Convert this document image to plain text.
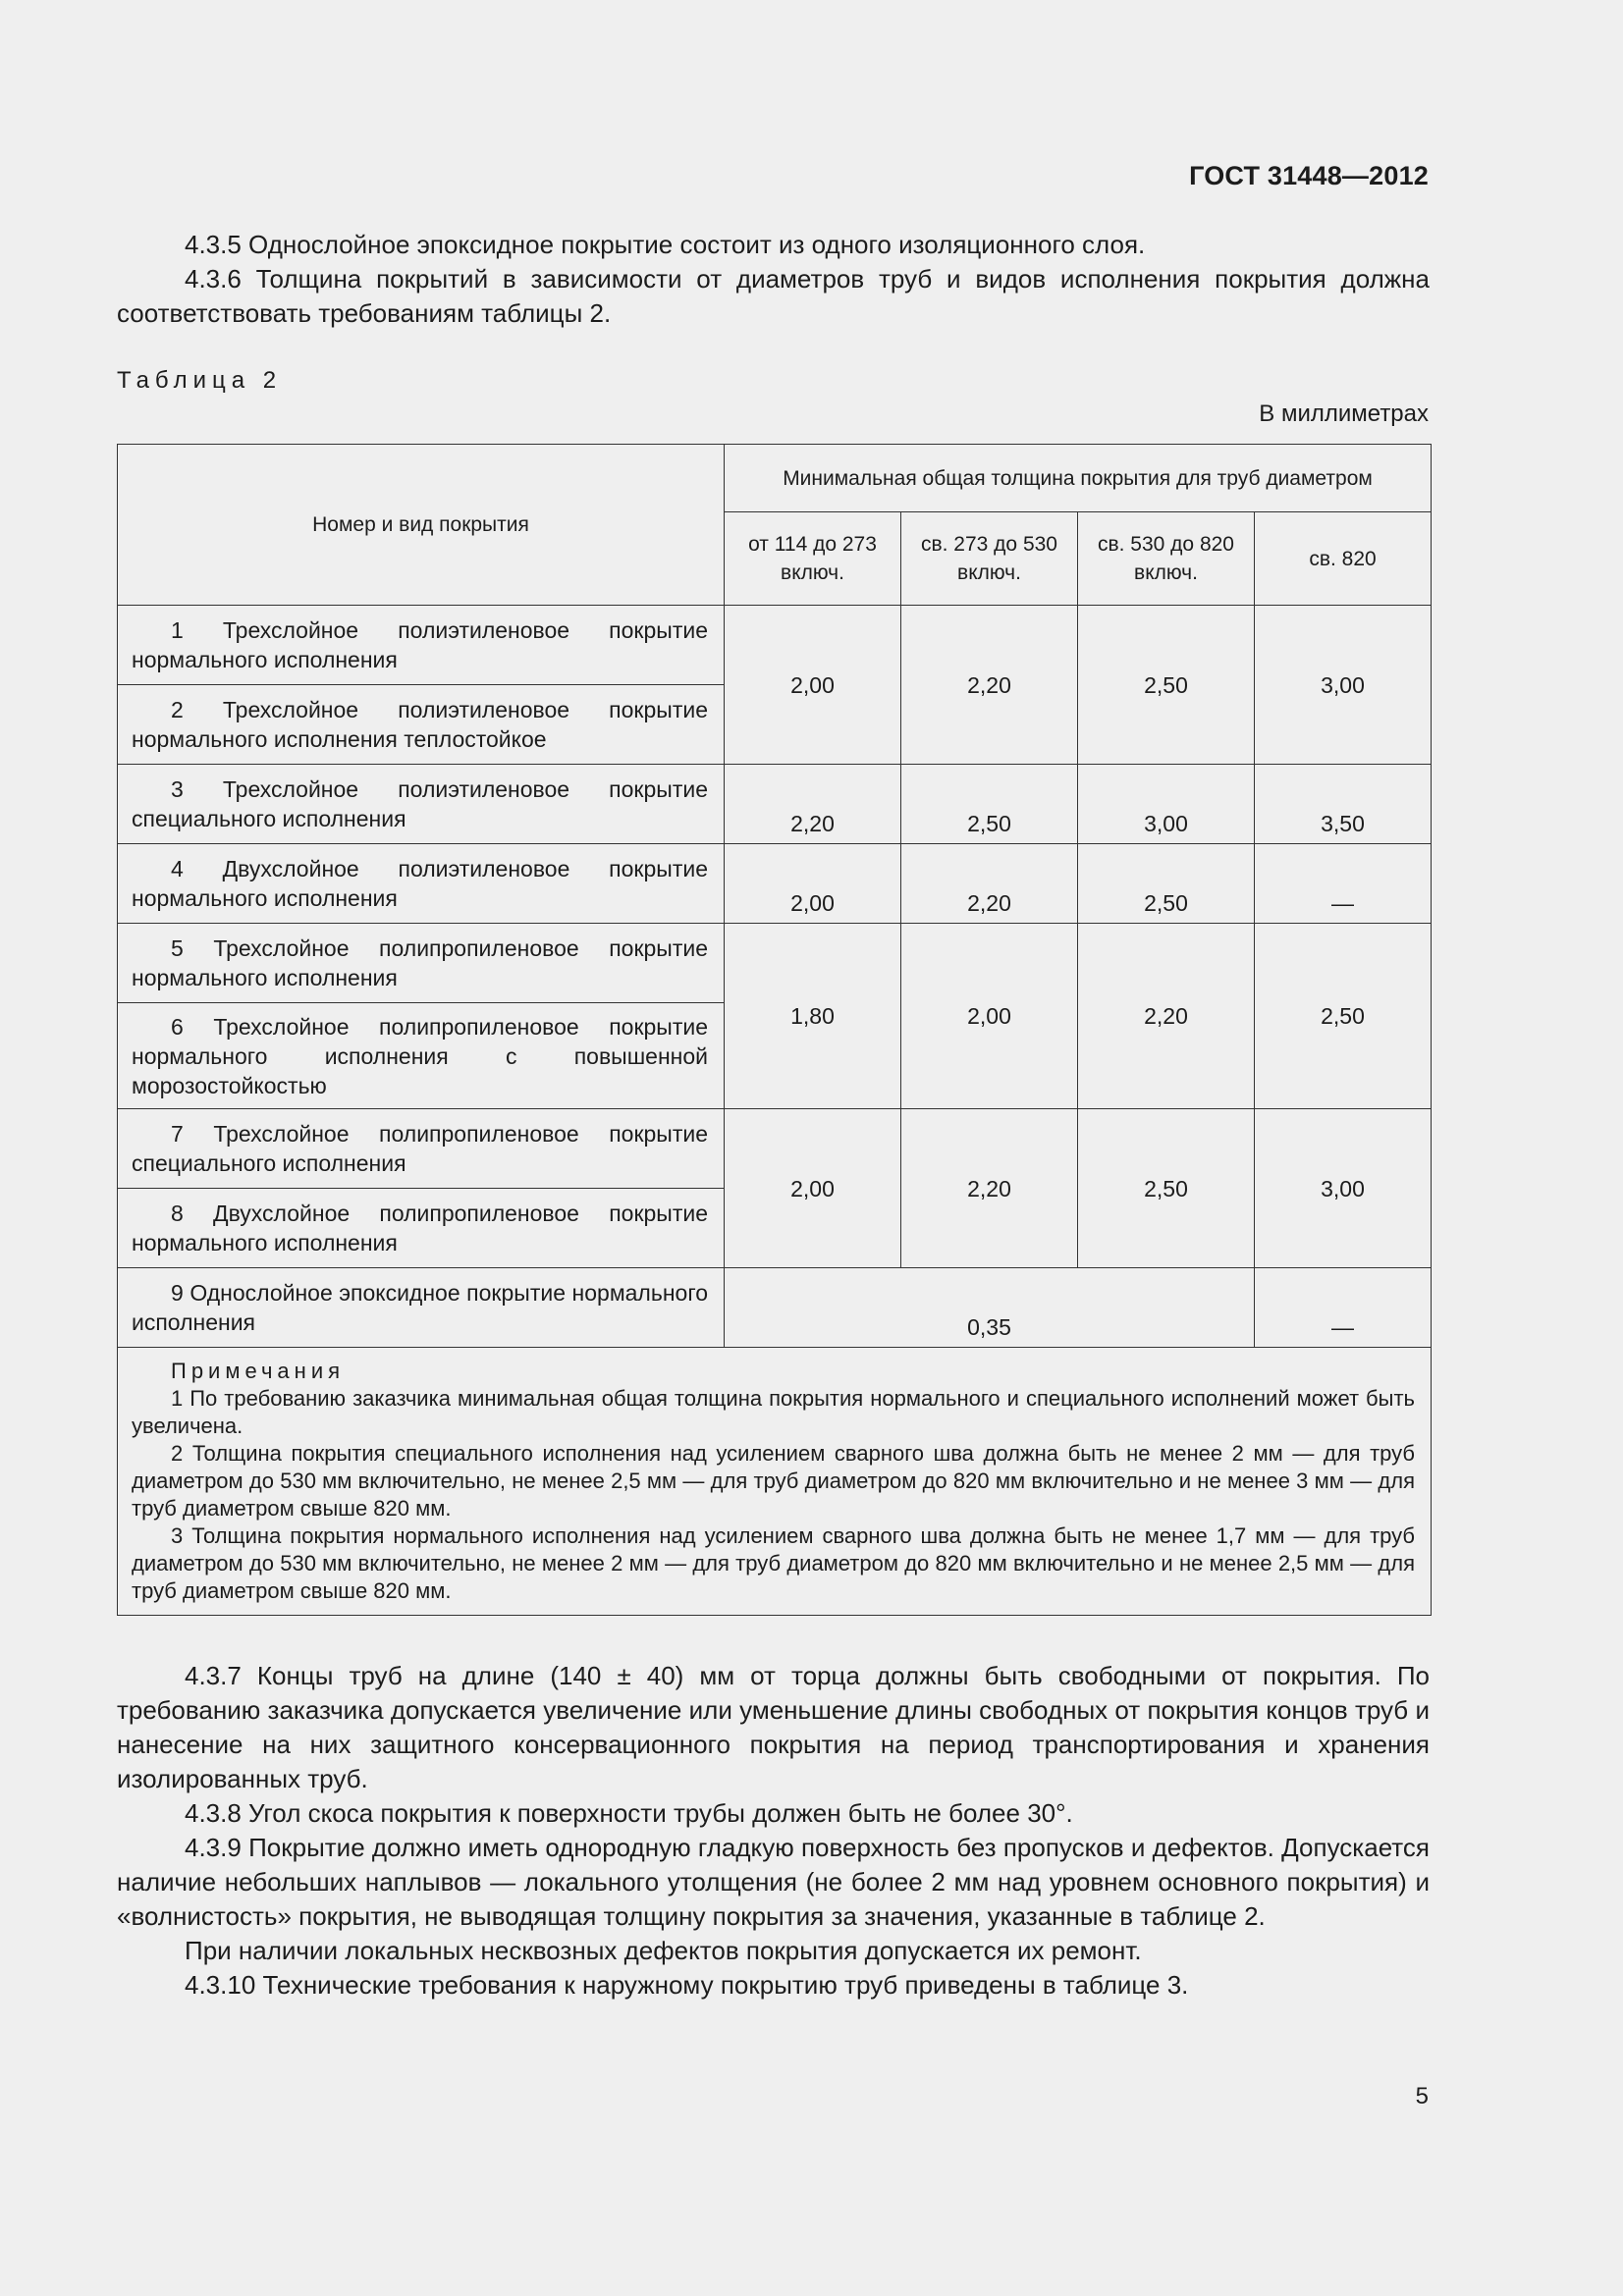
ГОСТ 31448—2012

4.3.5 Однослойное эпоксидное покрытие состоит из одного изоляционного слоя.

4.3.6 Толщина покрытий в зависимости от диаметров труб и видов исполнения покрытия должна соответствовать требованиям таблицы 2.

Таблица 2
В миллиметрах
Номер и вид покрытия	Минимальная общая толщина покрытия для труб диаметром			
	от 114 до 273 включ.	св. 273 до 530 включ.	св. 530 до 820 включ.	св. 820

1 Трехслойное полиэтиленовое покрытие нормального исполнения	2,00	2,20	2,50	3,00

2 Трехслойное полиэтиленовое покрытие нормального исполнения теплостойкое				

3 Трехслойное полиэтиленовое покрытие специального исполнения	2,20	2,50	3,00	3,50

4 Двухслойное полиэтиленовое покрытие нормального исполнения	2,00	2,20	2,50	—

5 Трехслойное полипропиленовое покрытие нормального исполнения	1,80	2,00	2,20	2,50

6 Трехслойное полипропиленовое покрытие нормального исполнения с повышенной морозостойкостью				

7 Трехслойное полипропиленовое покрытие специального исполнения	2,00	2,20	2,50	3,00

8 Двухслойное полипропиленовое покрытие нормального исполнения				

9 Однослойное эпоксидное покрытие нормального исполнения	0,35			—

Примечания
1 По требованию заказчика минимальная общая толщина покрытия нормального и специального исполнений может быть увеличена.
2 Толщина покрытия специального исполнения над усилением сварного шва должна быть не менее 2 мм — для труб диаметром до 530 мм включительно, не менее 2,5 мм — для труб диаметром до 820 мм включительно и не менее 3 мм — для труб диаметром свыше 820 мм.
3 Толщина покрытия нормального исполнения над усилением сварного шва должна быть не менее 1,7 мм — для труб диаметром до 530 мм включительно, не менее 2 мм — для труб диаметром до 820 мм включительно и не менее 2,5 мм — для труб диаметром свыше 820 мм.				

4.3.7 Концы труб на длине (140 ± 40) мм от торца должны быть свободными от покрытия. По требованию заказчика допускается увеличение или уменьшение длины свободных от покрытия концов труб и нанесение на них защитного консервационного покрытия на период транспортирования и хранения изолированных труб.

4.3.8 Угол скоса покрытия к поверхности трубы должен быть не более 30°.

4.3.9 Покрытие должно иметь однородную гладкую поверхность без пропусков и дефектов. Допускается наличие небольших наплывов — локального утолщения (не более 2 мм над уровнем основного покрытия) и «волнистость» покрытия, не выводящая толщину покрытия за значения, указанные в таблице 2.

При наличии локальных несквозных дефектов покрытия допускается их ремонт.

4.3.10 Технические требования к наружному покрытию труб приведены в таблице 3.

5
